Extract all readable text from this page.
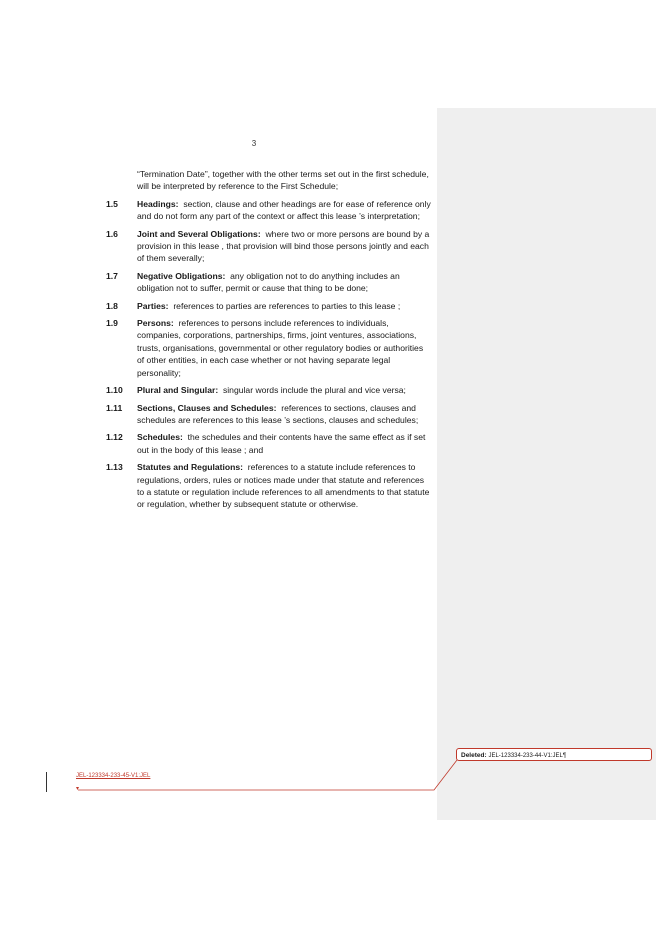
3
“Termination Date”, together with the other terms set out in the first schedule, will be interpreted by reference to the First Schedule;
1.5	Headings: section, clause and other headings are for ease of reference only and do not form any part of the context or affect this lease ’s interpretation;
1.6	Joint and Several Obligations: where two or more persons are bound by a provision in this lease , that provision will bind those persons jointly and each of them severally;
1.7	Negative Obligations: any obligation not to do anything includes an obligation not to suffer, permit or cause that thing to be done;
1.8	Parties: references to parties are references to parties to this lease ;
1.9	Persons: references to persons include references to individuals, companies, corporations, partnerships, firms, joint ventures, associations, trusts, organisations, governmental or other regulatory bodies or authorities of other entities, in each case whether or not having separate legal personality;
1.10	Plural and Singular: singular words include the plural and vice versa;
1.11	Sections, Clauses and Schedules: references to sections, clauses and schedules are references to this lease ’s sections, clauses and schedules;
1.12	Schedules: the schedules and their contents have the same effect as if set out in the body of this lease ; and
1.13	Statutes and Regulations: references to a statute include references to regulations, orders, rules or notices made under that statute and references to a statute or regulation include references to all amendments to that statute or regulation, whether by subsequent statute or otherwise.
JEL-123334-233-45-V1:JEL
▾
Deleted: JEL-123334-233-44-V1:JEL¶
